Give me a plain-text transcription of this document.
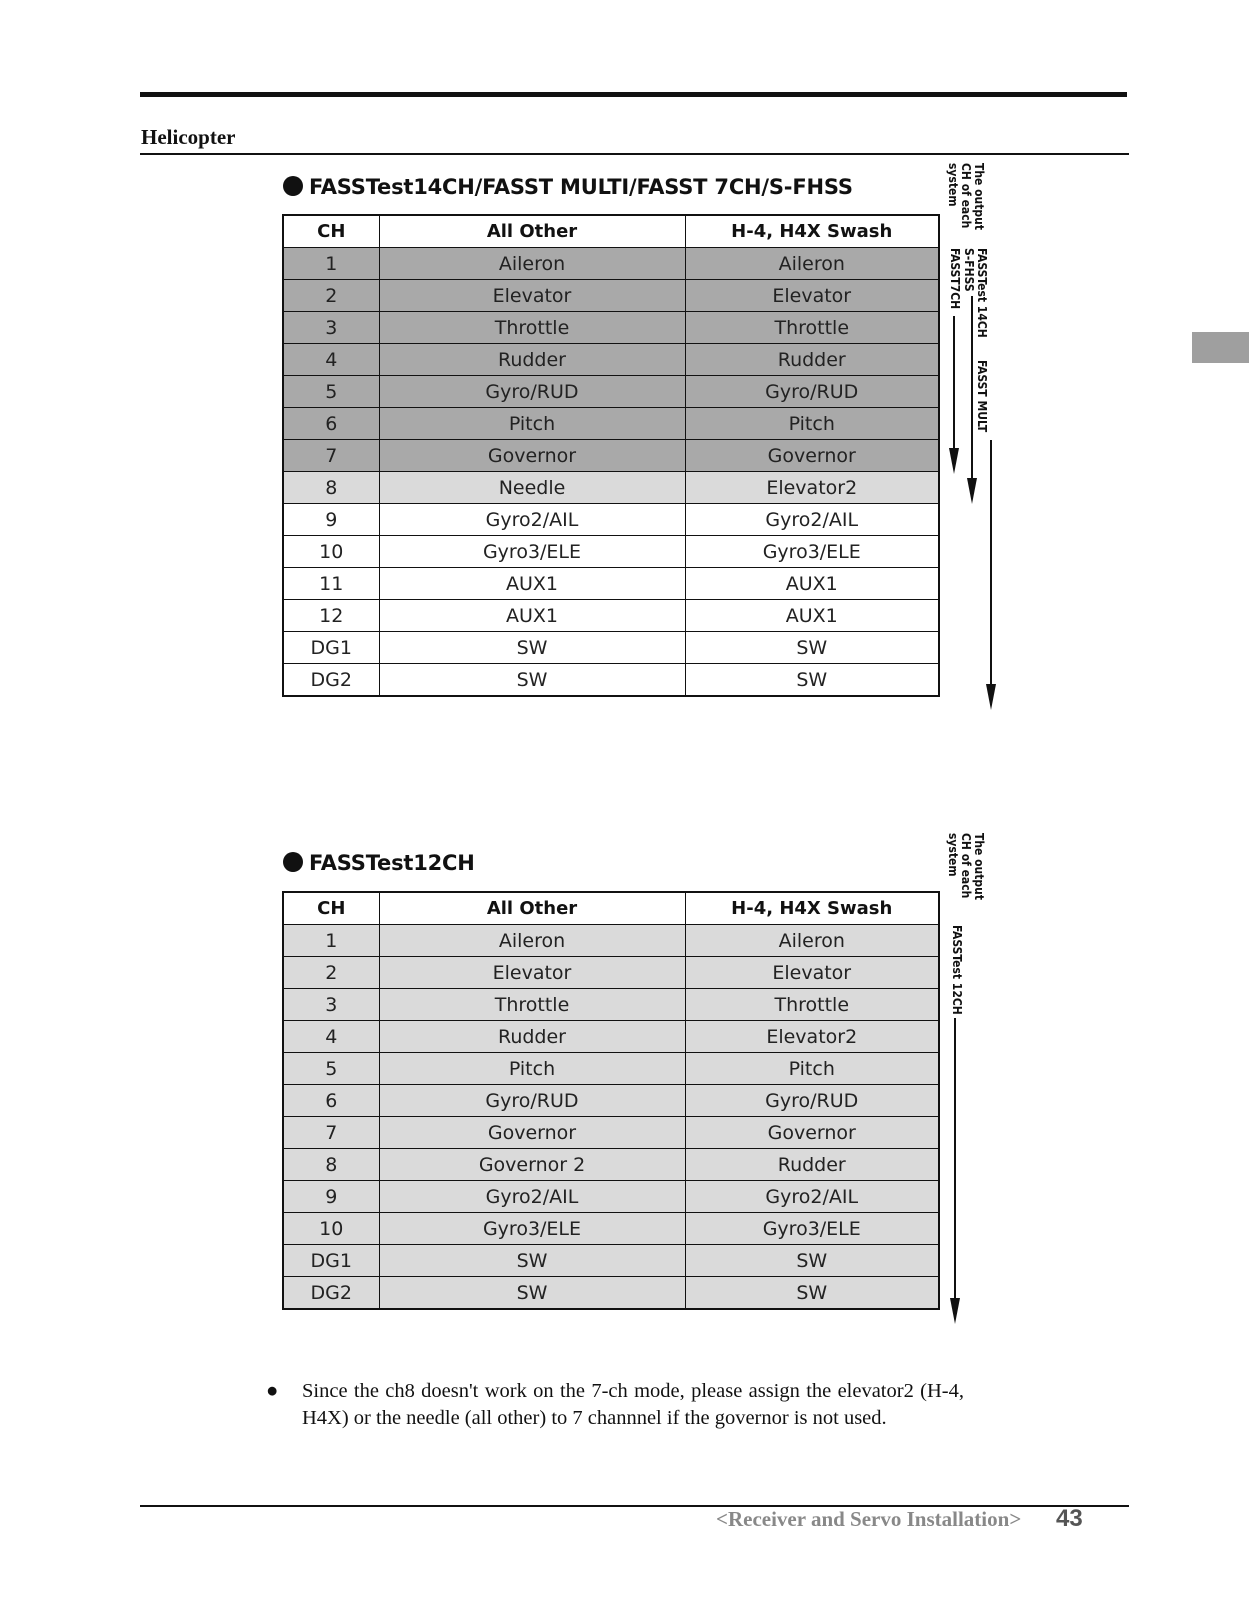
Helicopter
FASSTest14CH/FASST MULTI/FASST 7CH/S-FHSS
CH	All Other	H-4, H4X Swash
1	Aileron	Aileron
2	Elevator	Elevator
3	Throttle	Throttle
4	Rudder	Rudder
5	Gyro/RUD	Gyro/RUD
6	Pitch	Pitch
7	Governor	Governor
8	Needle	Elevator2
9	Gyro2/AIL	Gyro2/AIL
10	Gyro3/ELE	Gyro3/ELE
11	AUX1	AUX1
12	AUX1	AUX1
DG1	SW	SW
DG2	SW	SW
The output
CH of each
system
FASSTest 14CH
FASST MULT
S-FHSS
FASST7CH
FASSTest12CH
CH	All Other	H-4, H4X Swash
1	Aileron	Aileron
2	Elevator	Elevator
3	Throttle	Throttle
4	Rudder	Elevator2
5	Pitch	Pitch
6	Gyro/RUD	Gyro/RUD
7	Governor	Governor
8	Governor 2	Rudder
9	Gyro2/AIL	Gyro2/AIL
10	Gyro3/ELE	Gyro3/ELE
DG1	SW	SW
DG2	SW	SW
The output
CH of each
system
FASSTest 12CH
● Since the ch8 doesn't work on the 7-ch mode, please assign the elevator2 (H-4, H4X) or the needle (all other) to 7 channnel if the governor is not used.
<Receiver and Servo Installation> 43
